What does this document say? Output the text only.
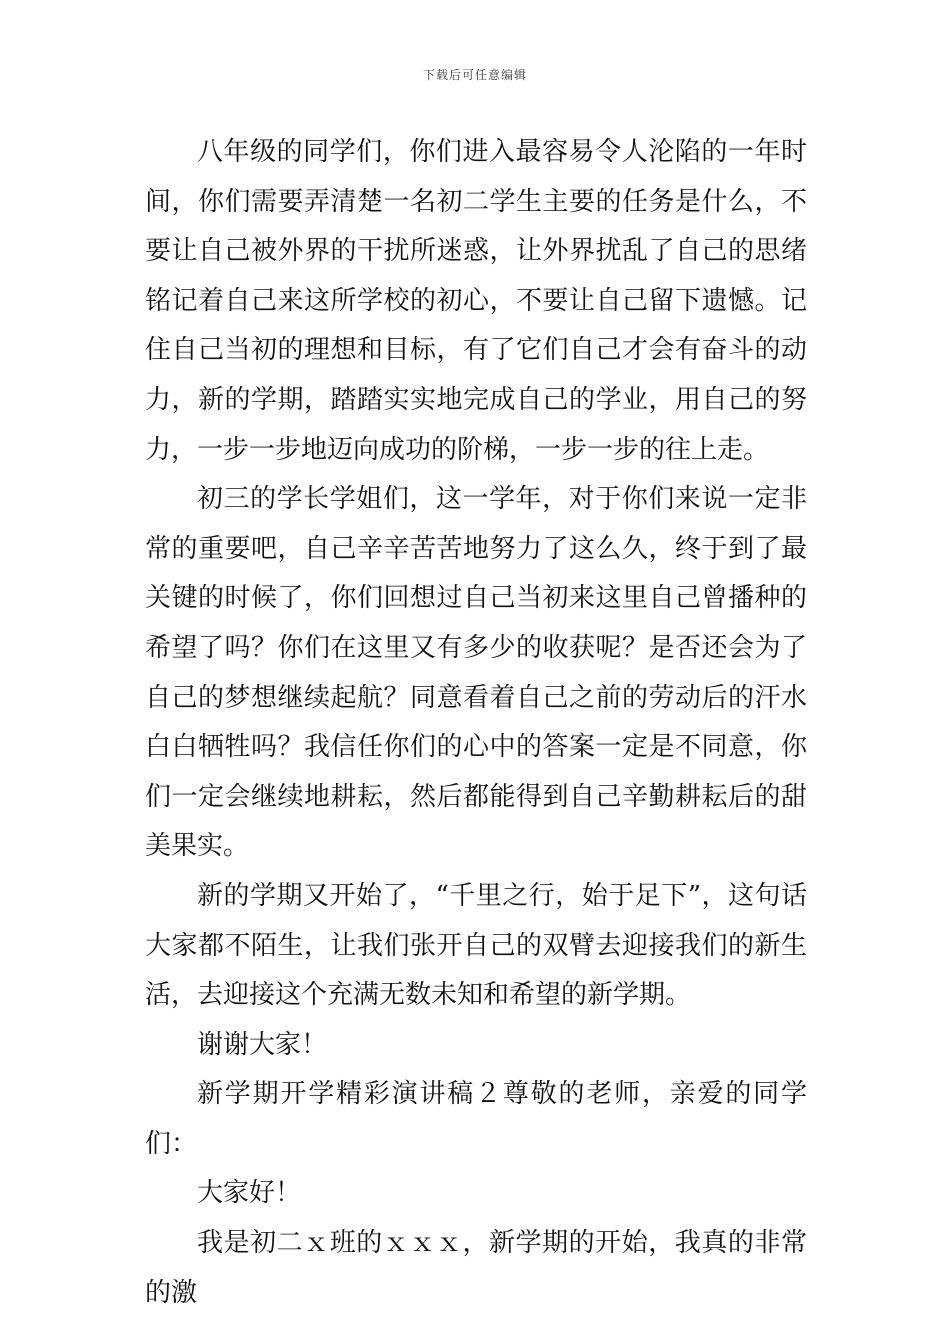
下载后可任意编辑

八年级的同学们，你们进入最容易令人沦陷的一年时间，你们需要弄清楚一名初二学生主要的任务是什么，不要让自己被外界的干扰所迷惑，让外界扰乱了自己的思绪铭记着自己来这所学校的初心，不要让自己留下遗憾。记住自己当初的理想和目标，有了它们自己才会有奋斗的动力，新的学期，踏踏实实地完成自己的学业，用自己的努力，一步一步地迈向成功的阶梯，一步一步的往上走。

初三的学长学姐们，这一学年，对于你们来说一定非常的重要吧，自己辛辛苦苦地努力了这么久，终于到了最关键的时候了，你们回想过自己当初来这里自己曾播种的希望了吗？你们在这里又有多少的收获呢？是否还会为了自己的梦想继续起航？同意看着自己之前的劳动后的汗水白白牺牲吗？我信任你们的心中的答案一定是不同意，你们一定会继续地耕耘，然后都能得到自己辛勤耕耘后的甜美果实。

新的学期又开始了，“千里之行，始于足下”，这句话大家都不陌生，让我们张开自己的双臂去迎接我们的新生活，去迎接这个充满无数未知和希望的新学期。

谢谢大家！

新学期开学精彩演讲稿２尊敬的老师，亲爱的同学们：

大家好！

我是初二ｘ班的ｘｘｘ，新学期的开始，我真的非常的激
